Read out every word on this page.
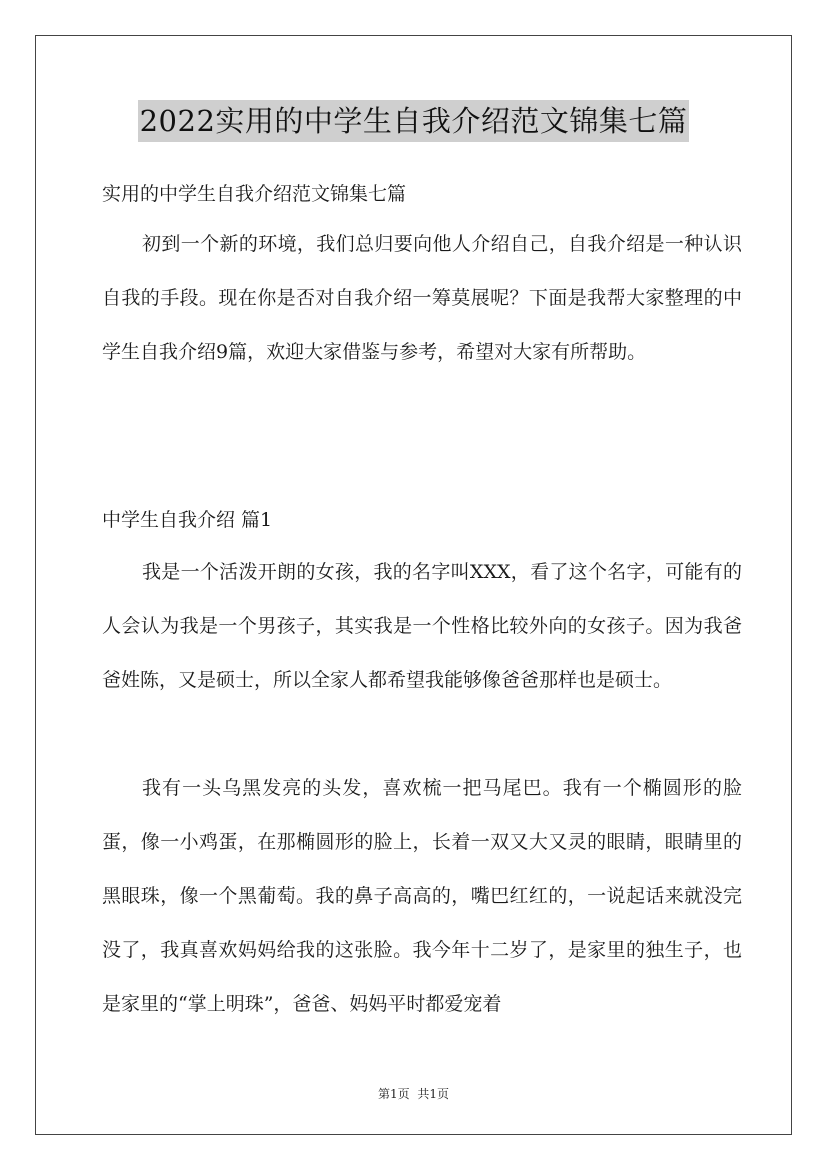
2022实用的中学生自我介绍范文锦集七篇

实用的中学生自我介绍范文锦集七篇

初到一个新的环境，我们总归要向他人介绍自己，自我介绍是一种认识自我的手段。现在你是否对自我介绍一筹莫展呢？下面是我帮大家整理的中学生自我介绍9篇，欢迎大家借鉴与参考，希望对大家有所帮助。

中学生自我介绍 篇1

我是一个活泼开朗的女孩，我的名字叫XXX，看了这个名字，可能有的人会认为我是一个男孩子，其实我是一个性格比较外向的女孩子。因为我爸爸姓陈，又是硕士，所以全家人都希望我能够像爸爸那样也是硕士。

我有一头乌黑发亮的头发，喜欢梳一把马尾巴。我有一个椭圆形的脸蛋，像一小鸡蛋，在那椭圆形的脸上，长着一双又大又灵的眼睛，眼睛里的黑眼珠，像一个黑葡萄。我的鼻子高高的，嘴巴红红的，一说起话来就没完没了，我真喜欢妈妈给我的这张脸。我今年十二岁了，是家里的独生子，也是家里的“掌上明珠”，爸爸、妈妈平时都爱宠着

第1页 共1页
